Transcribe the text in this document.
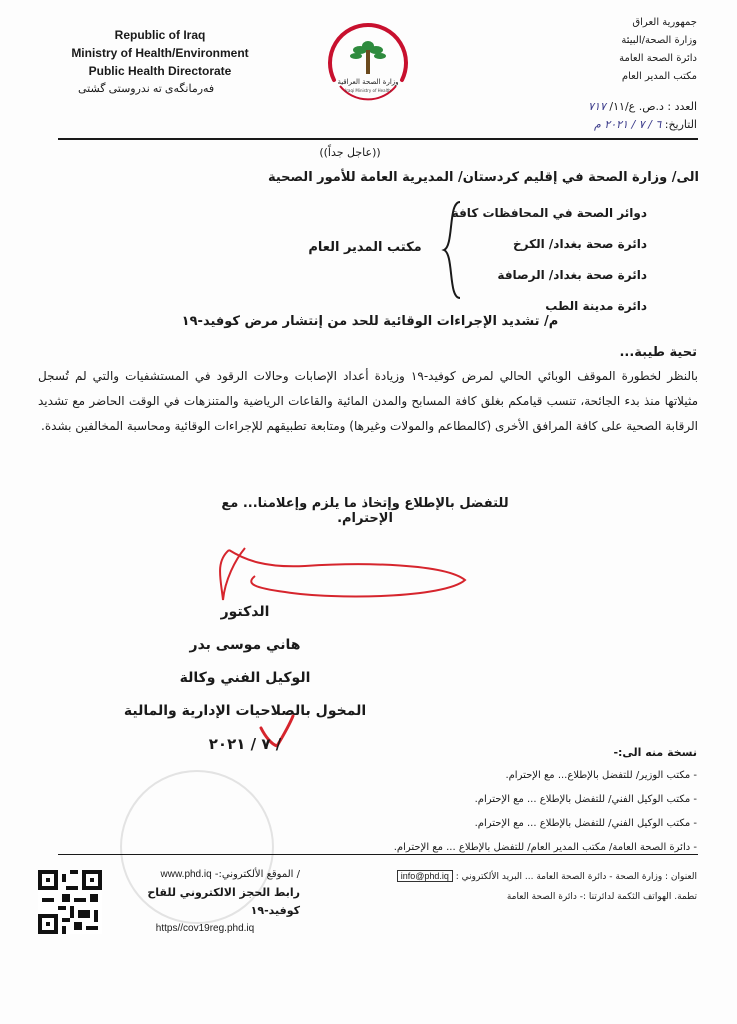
Republic of Iraq
Ministry of Health/Environment
Public Health Directorate
فەرمانگەی تە ندروستی گشتی
وزارة الصحة العراقية
Iraqi Ministry of Health
جمهورية العراق
وزارة الصحة/البيئة
دائرة الصحة العامة
مكتب المدير العام
العدد : د.ص. ع/١١/ ٧١٧
التاريخ: ٦ / ٧ / ٢٠٢١ م
((عاجل جداً))
الى/ وزارة الصحة في إقليم كردستان/ المديرية العامة للأمور الصحية
دوائر الصحة في المحافظات كافة
دائرة صحة بغداد/ الكرخ
دائرة صحة بغداد/ الرصافة
دائرة مدينة الطب
مكتب المدير العام
م/ تشديد الإجراءات الوقائية للحد من إنتشار مرض كوفيد-١٩
تحية طيبة...
بالنظر لخطورة الموقف الوبائي الحالي لمرض كوفيد-١٩ وزيادة أعداد الإصابات وحالات الرقود في المستشفيات والتي لم تُسجل مثيلاتها منذ بدء الجائحة، تنسب قيامكم بغلق كافة المسابح والمدن المائية والقاعات الرياضية والمتنزهات في الوقت الحاضر مع تشديد الرقابة الصحية على كافة المرافق الأخرى (كالمطاعم والمولات وغيرها) ومتابعة تطبيقهم للإجراءات الوقائية ومحاسبة المخالفين بشدة.
للتفضل بالإطلاع وإتخاذ ما يلزم وإعلامنا... مع الإحترام.
الدكتور
هاني موسى بدر
الوكيل الفني وكالة
المخول بالصلاحيات الإدارية والمالية
/ ٧ / ٢٠٢١	نسخة منه الى:-
- مكتب الوزير/ للتفضل بالإطلاع... مع الإحترام.
- مكتب الوكيل الفني/ للتفضل بالإطلاع ... مع الإحترام.
- مكتب الوكيل الفني/ للتفضل بالإطلاع ... مع الإحترام.
- دائرة الصحة العامة/ مكتب المدير العام/ للتفضل بالإطلاع ... مع الإحترام.
/ الموقع الألكتروني:- www.phd.iq
رابط الحجز الالكتروني للقاح كوفيد-١٩
https//cov19reg.phd.iq
العنوان : وزارة الصحة - دائرة الصحة العامة ... البريد الألكتروني : info@phd.iq
تطمة. الهواتف الثكمة لدائرتنا :- دائرة الصحة العامة
